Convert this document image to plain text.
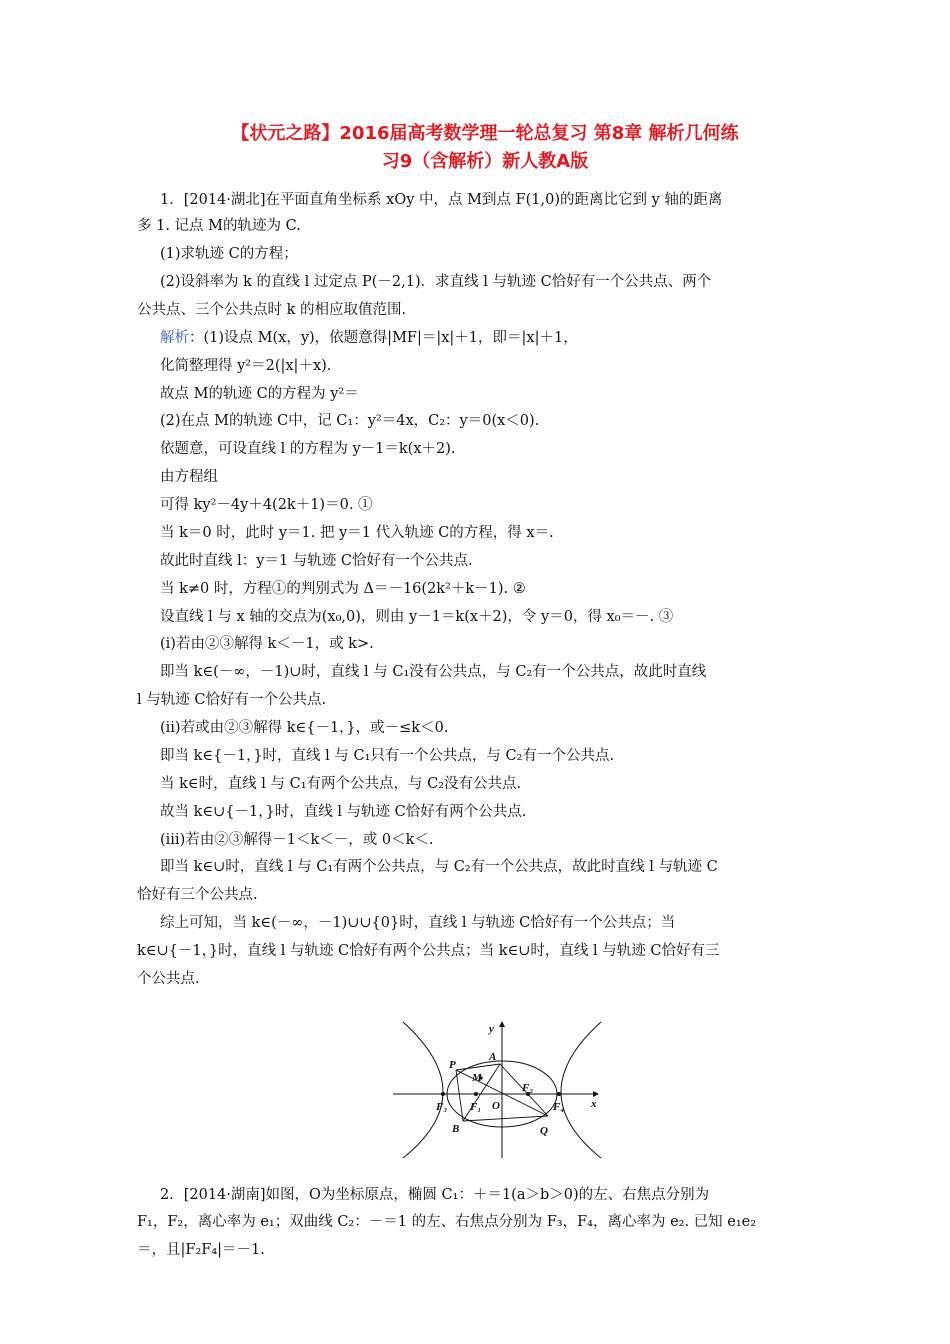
【状元之路】2016届高考数学理一轮总复习 第8章 解析几何练
习9（含解析）新人教A版
1．[2014·湖北]在平面直角坐标系 xOy 中，点 M到点 F(1,0)的距离比它到 y 轴的距离
多 1. 记点 M的轨迹为 C.
(1)求轨迹 C的方程；
(2)设斜率为 k 的直线 l 过定点 P(－2,1)．求直线 l 与轨迹 C恰好有一个公共点、两个
公共点、三个公共点时 k 的相应取值范围.
解析：(1)设点 M(x，y)，依题意得|MF|＝|x|＋1，即＝|x|＋1，
化简整理得 y²＝2(|x|＋x).
故点 M的轨迹 C的方程为 y²＝
(2)在点 M的轨迹 C中，记 C₁：y²＝4x，C₂：y＝0(x＜0).
依题意，可设直线 l 的方程为 y－1＝k(x＋2).
由方程组
可得 ky²－4y＋4(2k＋1)＝0. ①
当 k＝0 时，此时 y＝1. 把 y＝1 代入轨迹 C的方程，得 x＝.
故此时直线 l：y＝1 与轨迹 C恰好有一个公共点.
当 k≠0 时，方程①的判别式为 Δ＝－16(2k²＋k－1). ②
设直线 l 与 x 轴的交点为(x₀,0)，则由 y－1＝k(x＋2)，令 y＝0，得 x₀＝－. ③
(ⅰ)若由②③解得 k＜－1，或 k>.
即当 k∈(－∞，－1)∪时，直线 l 与 C₁没有公共点，与 C₂有一个公共点，故此时直线
l 与轨迹 C恰好有一个公共点.
(ⅱ)若或由②③解得 k∈{－1，}，或－≤k＜0.
即当 k∈{－1，}时，直线 l 与 C₁只有一个公共点，与 C₂有一个公共点.
当 k∈时，直线 l 与 C₁有两个公共点，与 C₂没有公共点.
故当 k∈∪{－1，}时，直线 l 与轨迹 C恰好有两个公共点.
(ⅲ)若由②③解得－1＜k＜－，或 0＜k＜.
即当 k∈∪时，直线 l 与 C₁有两个公共点，与 C₂有一个公共点，故此时直线 l 与轨迹 C
恰好有三个公共点.
综上可知，当 k∈(－∞，－1)∪∪{0}时，直线 l 与轨迹 C恰好有一个公共点；当
k∈∪{－1，}时，直线 l 与轨迹 C恰好有两个公共点；当 k∈∪时，直线 l 与轨迹 C恰好有三
个公共点.
y
x
P
A
M
F₂
F₃ F₁ O	F₄
B	Q
2．[2014·湖南]如图，O为坐标原点，椭圆 C₁：＋＝1(a＞b＞0)的左、右焦点分别为
F₁，F₂，离心率为 e₁；双曲线 C₂：－＝1 的左、右焦点分别为 F₃，F₄，离心率为 e₂. 已知 e₁e₂
＝，且|F₂F₄|＝－1.
